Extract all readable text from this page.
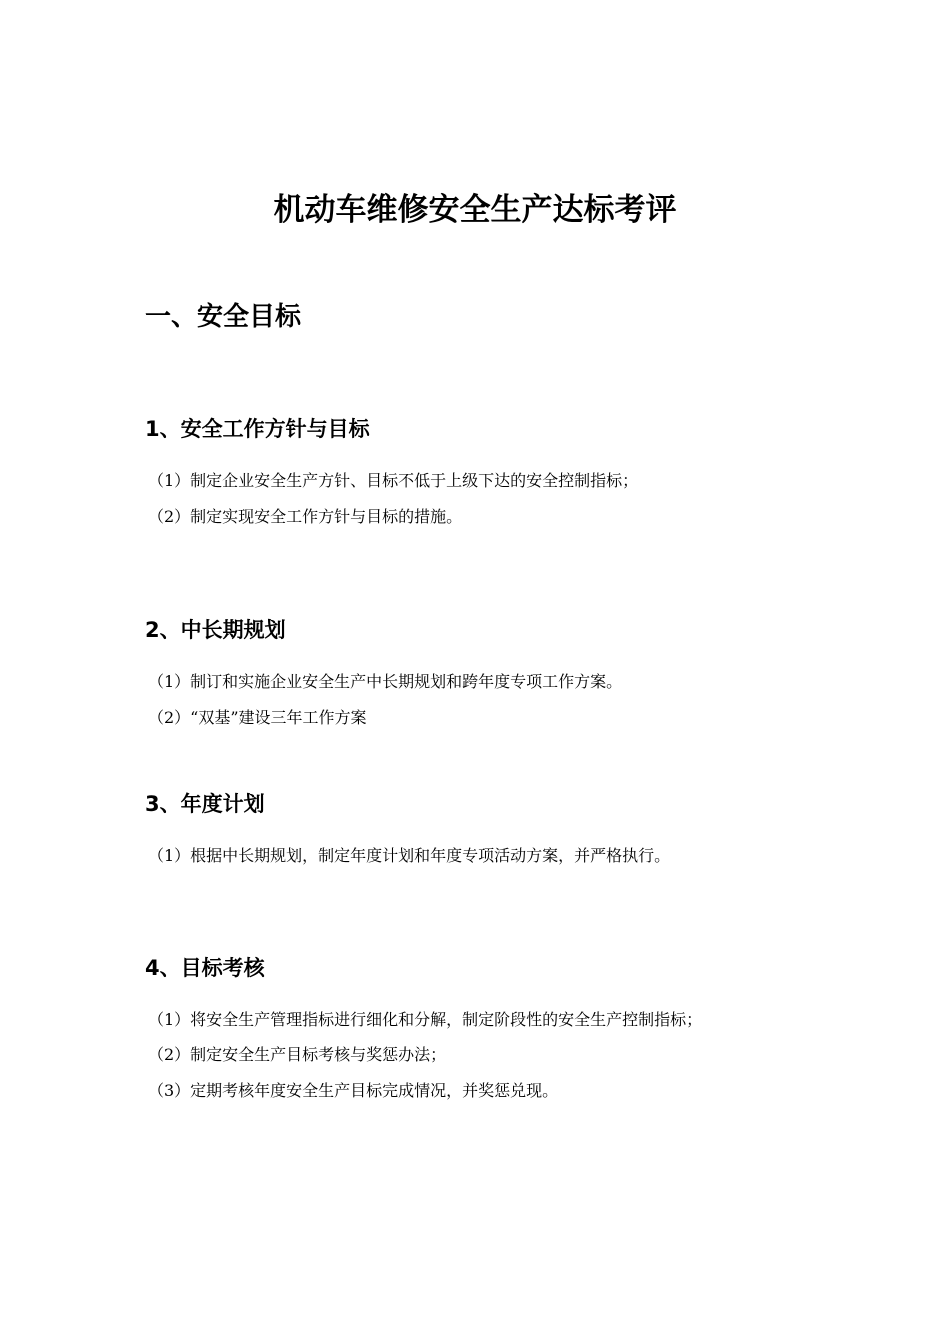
机动车维修安全生产达标考评
一、安全目标
1、安全工作方针与目标
（1）制定企业安全生产方针、目标不低于上级下达的安全控制指标；
（2）制定实现安全工作方针与目标的措施。
2、中长期规划
（1）制订和实施企业安全生产中长期规划和跨年度专项工作方案。
（2）“双基”建设三年工作方案
3、年度计划
（1）根据中长期规划，制定年度计划和年度专项活动方案，并严格执行。
4、目标考核
（1）将安全生产管理指标进行细化和分解，制定阶段性的安全生产控制指标；
（2）制定安全生产目标考核与奖惩办法；
（3）定期考核年度安全生产目标完成情况，并奖惩兑现。
